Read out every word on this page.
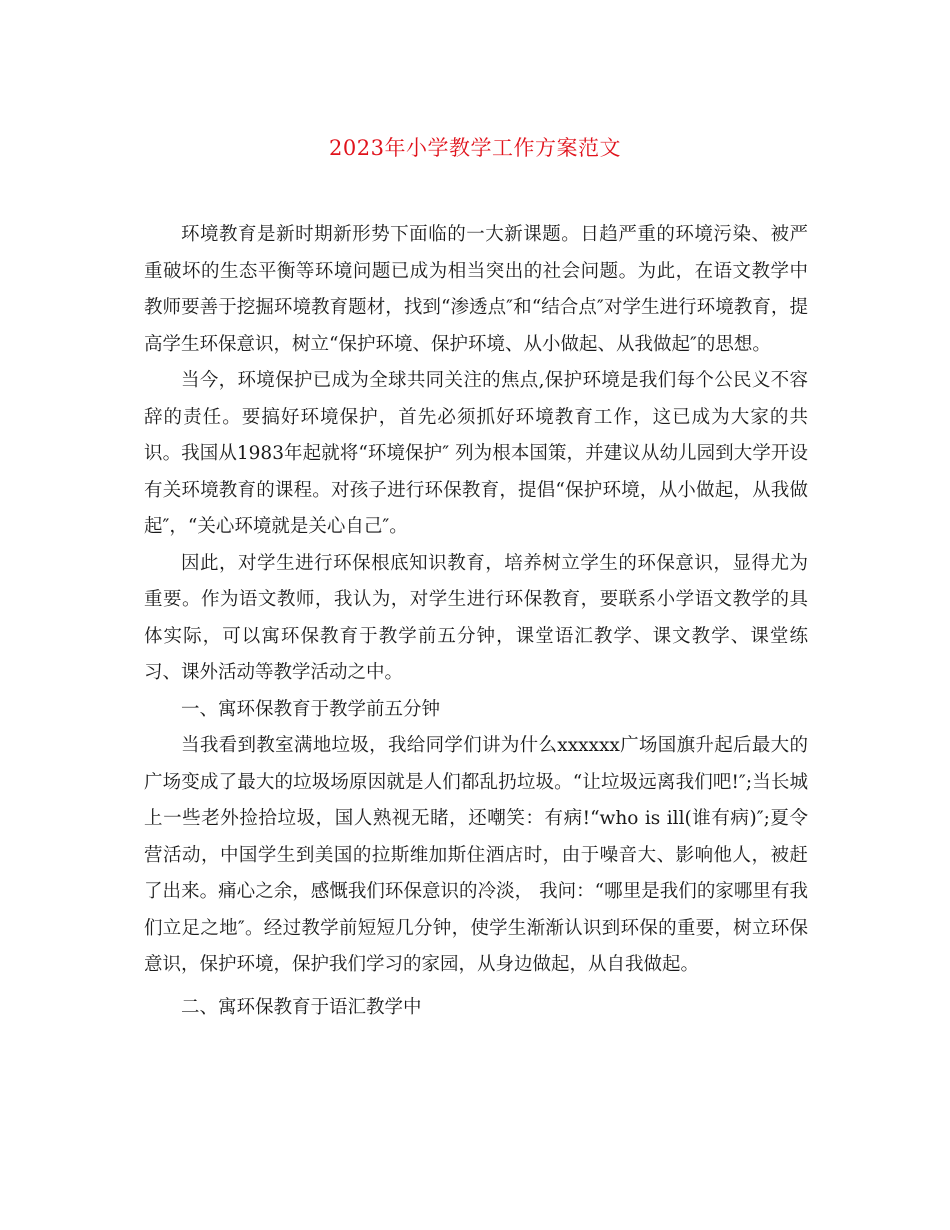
2023年小学教学工作方案范文

环境教育是新时期新形势下面临的一大新课题。日趋严重的环境污染、被严重破坏的生态平衡等环境问题已成为相当突出的社会问题。为此，在语文教学中教师要善于挖掘环境教育题材，找到“渗透点″和“结合点″对学生进行环境教育，提高学生环保意识，树立“保护环境、保护环境、从小做起、从我做起″的思想。

当今，环境保护已成为全球共同关注的焦点,保护环境是我们每个公民义不容辞的责任。要搞好环境保护，首先必须抓好环境教育工作，这已成为大家的共识。我国从1983年起就将“环境保护″ 列为根本国策，并建议从幼儿园到大学开设有关环境教育的课程。对孩子进行环保教育，提倡“保护环境，从小做起，从我做起″，“关心环境就是关心自己″。

因此，对学生进行环保根底知识教育，培养树立学生的环保意识，显得尤为重要。作为语文教师，我认为，对学生进行环保教育，要联系小学语文教学的具体实际，可以寓环保教育于教学前五分钟，课堂语汇教学、课文教学、课堂练习、课外活动等教学活动之中。

一、寓环保教育于教学前五分钟

当我看到教室满地垃圾，我给同学们讲为什么xxxxxx广场国旗升起后最大的广场变成了最大的垃圾场原因就是人们都乱扔垃圾。“让垃圾远离我们吧!″;当长城上一些老外捡拾垃圾，国人熟视无睹，还嘲笑：有病!“who is ill(谁有病)″;夏令营活动，中国学生到美国的拉斯维加斯住酒店时，由于噪音大、影响他人，被赶了出来。痛心之余，感慨我们环保意识的冷淡， 我问：“哪里是我们的家哪里有我们立足之地″。经过教学前短短几分钟，使学生渐渐认识到环保的重要，树立环保意识，保护环境，保护我们学习的家园，从身边做起，从自我做起。

二、寓环保教育于语汇教学中
